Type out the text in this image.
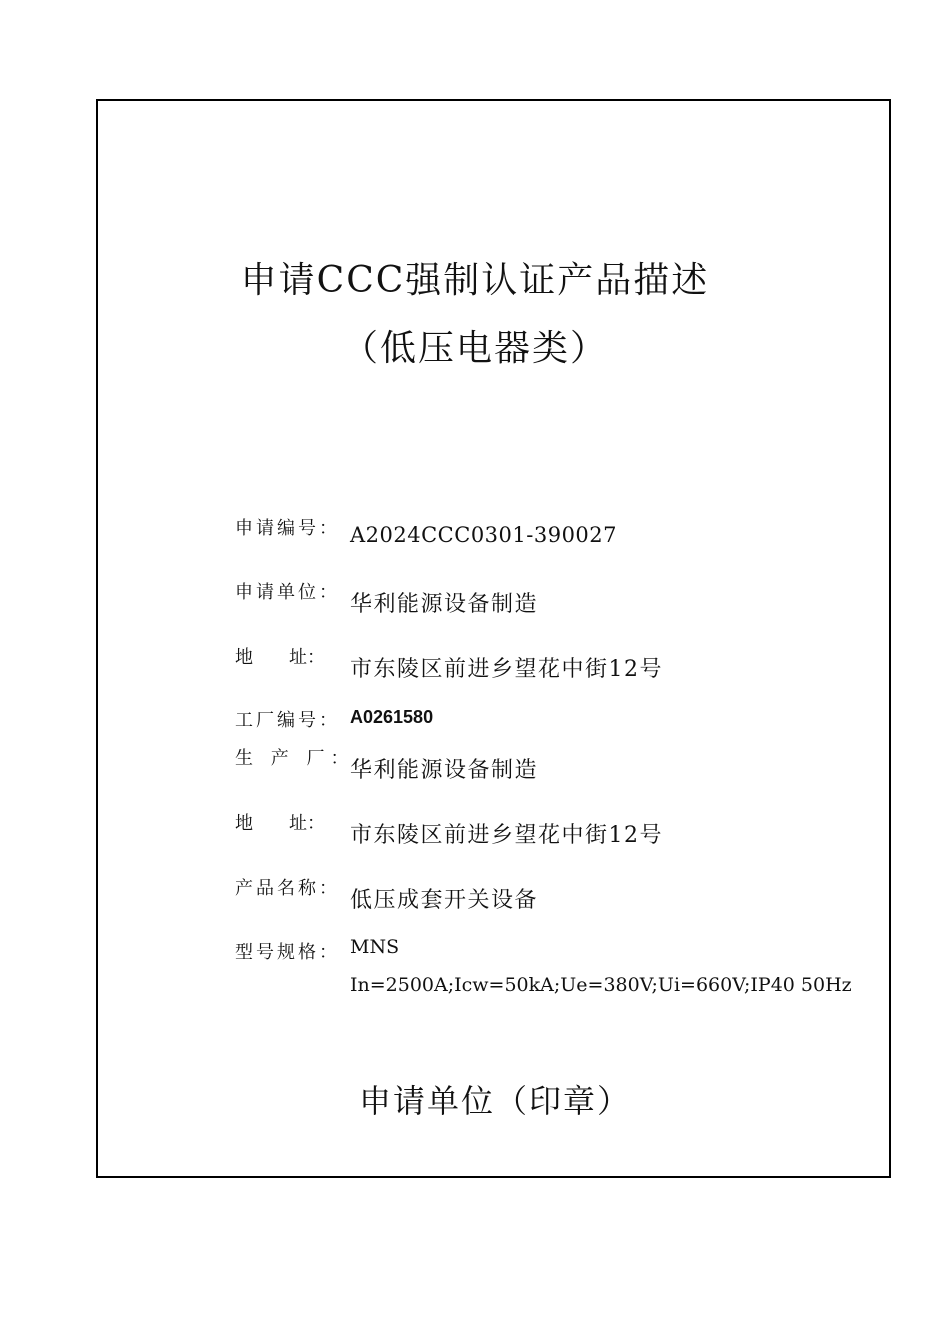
申请CCC强制认证产品描述
（低压电器类）
申请编号： A2024CCC0301-390027
申请单位： 华利能源设备制造
地　　址： 市东陵区前进乡望花中街12号
工厂编号： A0261580
生 产 厂：
华利能源设备制造
地　　址： 市东陵区前进乡望花中街12号
产品名称： 低压成套开关设备
型号规格： MNS
In=2500A;Icw=50kA;Ue=380V;Ui=660V;IP40 50Hz
申请单位（印章）
